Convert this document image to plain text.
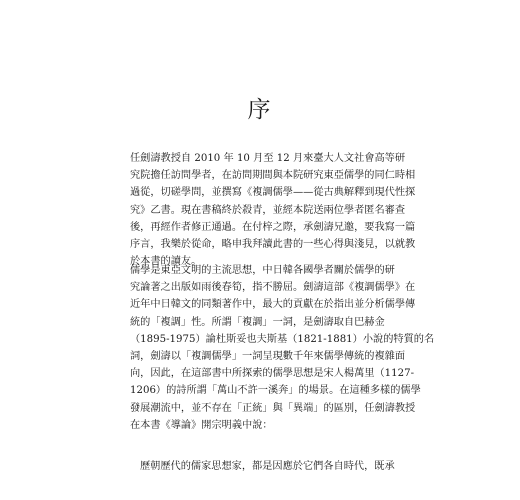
序
任劍濤教授自 2010 年 10 月至 12 月來臺大人文社會高等研
究院擔任訪問學者，在訪問期間與本院研究東亞儒學的同仁時相
過從，切磋學問，並撰寫《複調儒學——從古典解釋到現代性探
究》乙書。現在書稿終於殺青，並經本院送兩位學者匿名審查
後，再經作者修正通過。在付梓之際，承劍濤兄邀，要我寫一篇
序言，我樂於從命，略申我拜讀此書的一些心得與淺見，以就教
於本書的讀友。
儒學是東亞文明的主流思想，中日韓各國學者關於儒學的研
究論著之出版如雨後春筍，指不勝屈。劍濤這部《複調儒學》在
近年中日韓文的同類著作中，最大的貢獻在於指出並分析儒學傳
統的「複調」性。所謂「複調」一詞，是劍濤取自巴赫金
（1895-1975）論杜斯妥也夫斯基（1821-1881）小說的特質的名
詞，劍濤以「複調儒學」一詞呈現數千年來儒學傳統的複雜面
向，因此，在這部書中所探索的儒學思想是宋人楊萬里（1127-
1206）的詩所謂「萬山不許一溪奔」的場景。在這種多樣的儒學
發展潮流中，並不存在「正統」與「異端」的區別，任劍濤教授
在本書《導論》開宗明義中說：
歷朝歷代的儒家思想家，都是因應於它們各自時代，既承
